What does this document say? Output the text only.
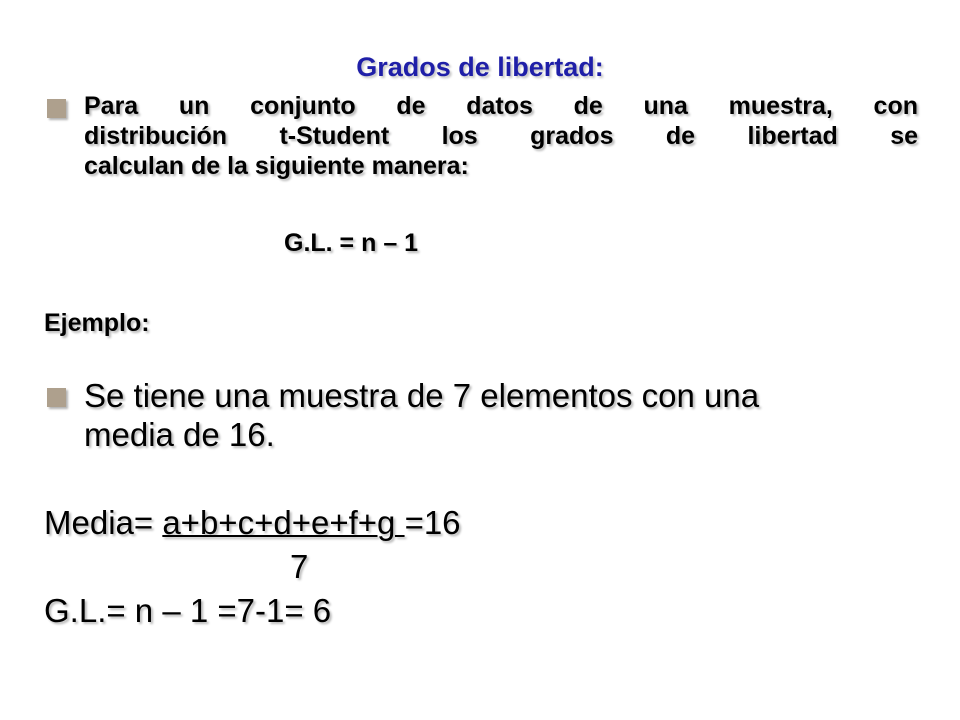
Grados de libertad:
Para un conjunto de datos de una muestra, con
distribución t-Student los grados de libertad se
calculan de la siguiente manera:
G.L. = n – 1
Ejemplo:
Se tiene una muestra de 7 elementos con una
media de 16.
Media= a+b+c+d+e+f+g =16
7
G.L.= n – 1 =7-1= 6
